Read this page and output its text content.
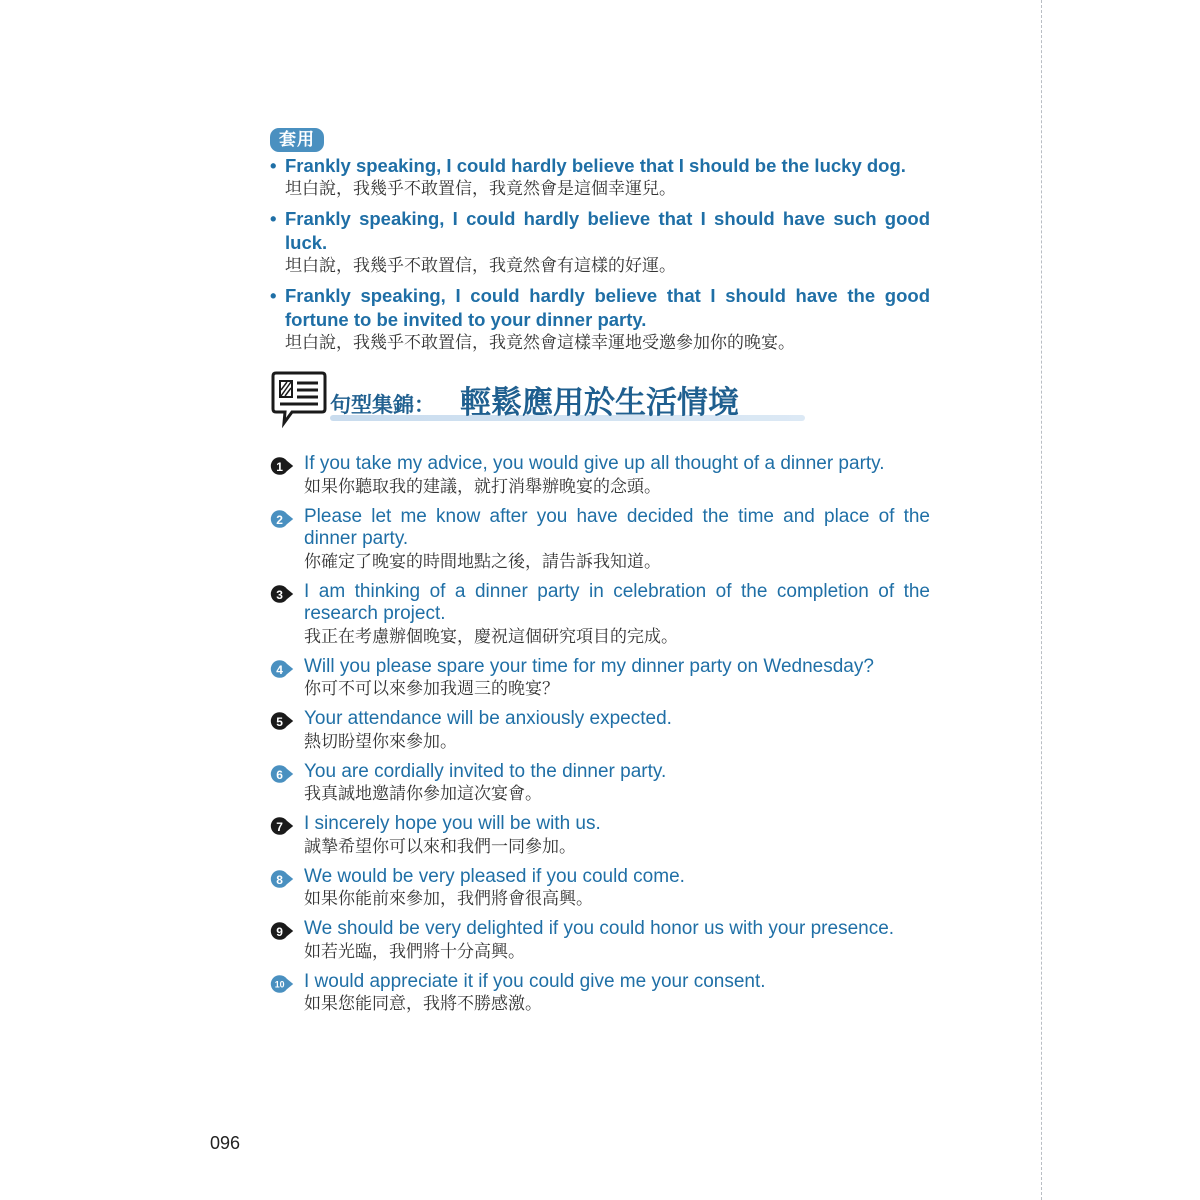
套用
• Frankly speaking, I could hardly believe that I should be the lucky dog.
坦白說，我幾乎不敢置信，我竟然會是這個幸運兒。
• Frankly speaking, I could hardly believe that I should have such good luck.
坦白說，我幾乎不敢置信，我竟然會有這樣的好運。
• Frankly speaking, I could hardly believe that I should have the good fortune to be invited to your dinner party.
坦白說，我幾乎不敢置信，我竟然會這樣幸運地受邀參加你的晚宴。
句型集錦： 輕鬆應用於生活情境
1 If you take my advice, you would give up all thought of a dinner party.
如果你聽取我的建議，就打消舉辦晚宴的念頭。
2 Please let me know after you have decided the time and place of the dinner party.
你確定了晚宴的時間地點之後，請告訴我知道。
3 I am thinking of a dinner party in celebration of the completion of the research project.
我正在考慮辦個晚宴，慶祝這個研究項目的完成。
4 Will you please spare your time for my dinner party on Wednesday?
你可不可以來參加我週三的晚宴？
5 Your attendance will be anxiously expected.
熱切盼望你來參加。
6 You are cordially invited to the dinner party.
我真誠地邀請你參加這次宴會。
7 I sincerely hope you will be with us.
誠摯希望你可以來和我們一同參加。
8 We would be very pleased if you could come.
如果你能前來參加，我們將會很高興。
9 We should be very delighted if you could honor us with your presence.
如若光臨，我們將十分高興。
10 I would appreciate it if you could give me your consent.
如果您能同意，我將不勝感激。
096
